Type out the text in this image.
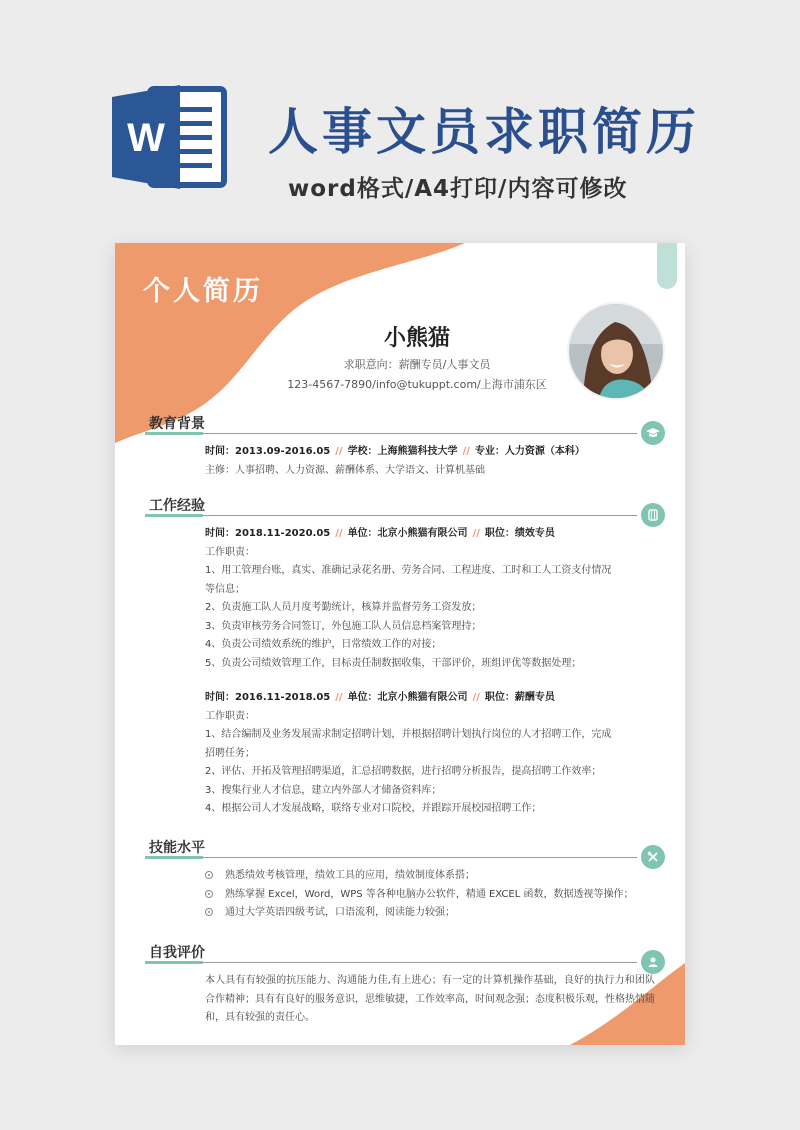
W 人事文员求职简历
word格式/A4打印/内容可修改
个人简历
小熊猫
求职意向：薪酬专员/人事文员
123-4567-7890/info@tukuppt.com/上海市浦东区
教育背景
时间：2013.09-2016.05 // 学校：上海熊猫科技大学 // 专业：人力资源（本科）
主修：人事招聘、人力资源、薪酬体系、大学语文、计算机基础
工作经验
时间：2018.11-2020.05 // 单位：北京小熊猫有限公司 // 职位：绩效专员
工作职责：
1、用工管理台账，真实、准确记录花名册、劳务合同、工程进度、工时和工人工资支付情况
等信息；
2、负责施工队人员月度考勤统计，核算并监督劳务工资发放；
3、负责审核劳务合同签订，外包施工队人员信息档案管理持；
4、负责公司绩效系统的维护，日常绩效工作的对接；
5、负责公司绩效管理工作，目标责任制数据收集，干部评价，班组评优等数据处理；
时间：2016.11-2018.05 // 单位：北京小熊猫有限公司 // 职位：薪酬专员
工作职责：
1、结合编制及业务发展需求制定招聘计划，并根据招聘计划执行岗位的人才招聘工作，完成
招聘任务；
2、评估、开拓及管理招聘渠道，汇总招聘数据，进行招聘分析报告，提高招聘工作效率；
3、搜集行业人才信息，建立内外部人才储备资料库；
4、根据公司人才发展战略，联络专业对口院校，并跟踪开展校园招聘工作；
技能水平
熟悉绩效考核管理，绩效工具的应用，绩效制度体系搭；
熟练掌握 Excel，Word，WPS 等各种电脑办公软件，精通 EXCEL 函数，数据透视等操作；
通过大学英语四级考试，口语流利，阅读能力较强；
自我评价
本人具有有较强的抗压能力、沟通能力佳,有上进心；有一定的计算机操作基础，良好的执行力和团队合作精神；具有有良好的服务意识，思维敏捷，工作效率高，时间观念强；态度积极乐观，性格热情随和，具有较强的责任心。
